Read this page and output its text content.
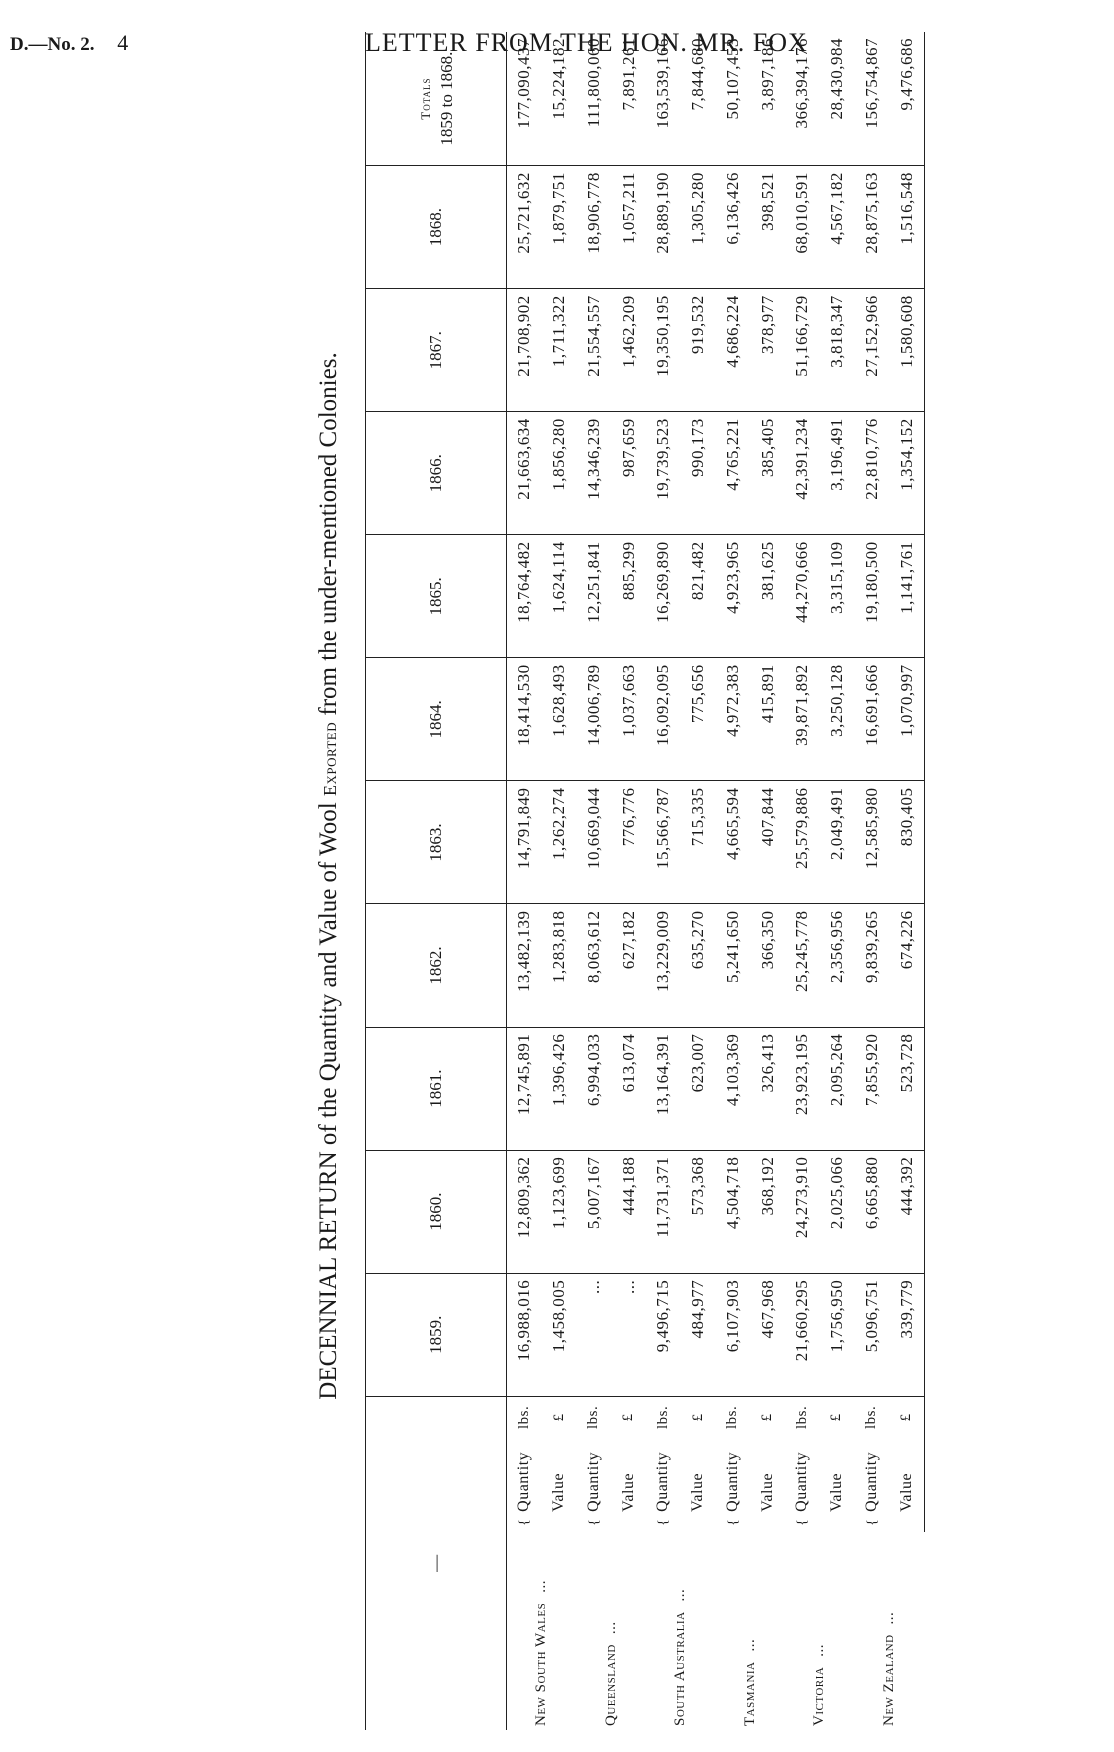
D.—No. 2. 4	LETTER FROM THE HON. MR. FOX
DECENNIAL RETURN of the Quantity and Value of Wool Exported from the under-mentioned Colonies.
—			1859.	1860.	1861.	1862.	1863.	1864.	1865.	1866.	1867.	1868.	Totals 1859 to 1868.
New South Wales...	{Quantity	lbs.	16,988,016	12,809,362	12,745,891	13,482,139	14,791,849	18,414,530	18,764,482	21,663,634	21,708,902	25,721,632	177,090,437
	Value	£	1,458,005	1,123,699	1,396,426	1,283,818	1,262,274	1,628,493	1,624,114	1,856,280	1,711,322	1,879,751	15,224,182
Queensland...	{Quantity	lbs.	...	5,007,167	6,994,033	8,063,612	10,669,044	14,006,789	12,251,841	14,346,239	21,554,557	18,906,778	111,800,060
	Value	£	...	444,188	613,074	627,182	776,776	1,037,663	885,299	987,659	1,462,209	1,057,211	7,891,261
South Australia...	{Quantity	lbs.	9,496,715	11,731,371	13,164,391	13,229,009	15,566,787	16,092,095	16,269,890	19,739,523	19,350,195	28,889,190	163,539,166
	Value	£	484,977	573,368	623,007	635,270	715,335	775,656	821,482	990,173	919,532	1,305,280	7,844,680
Tasmania...	{Quantity	lbs.	6,107,903	4,504,718	4,103,369	5,241,650	4,665,594	4,972,383	4,923,965	4,765,221	4,686,224	6,136,426	50,107,453
	Value	£	467,968	368,192	326,413	366,350	407,844	415,891	381,625	385,405	378,977	398,521	3,897,186
Victoria...	{Quantity	lbs.	21,660,295	24,273,910	23,923,195	25,245,778	25,579,886	39,871,892	44,270,666	42,391,234	51,166,729	68,010,591	366,394,176
	Value	£	1,756,950	2,025,066	2,095,264	2,356,956	2,049,491	3,250,128	3,315,109	3,196,491	3,818,347	4,567,182	28,430,984
New Zealand...	{Quantity	lbs.	5,096,751	6,665,880	7,855,920	9,839,265	12,585,980	16,691,666	19,180,500	22,810,776	27,152,966	28,875,163	156,754,867
	Value	£	339,779	444,392	523,728	674,226	830,405	1,070,997	1,141,761	1,354,152	1,580,608	1,516,548	9,476,686
